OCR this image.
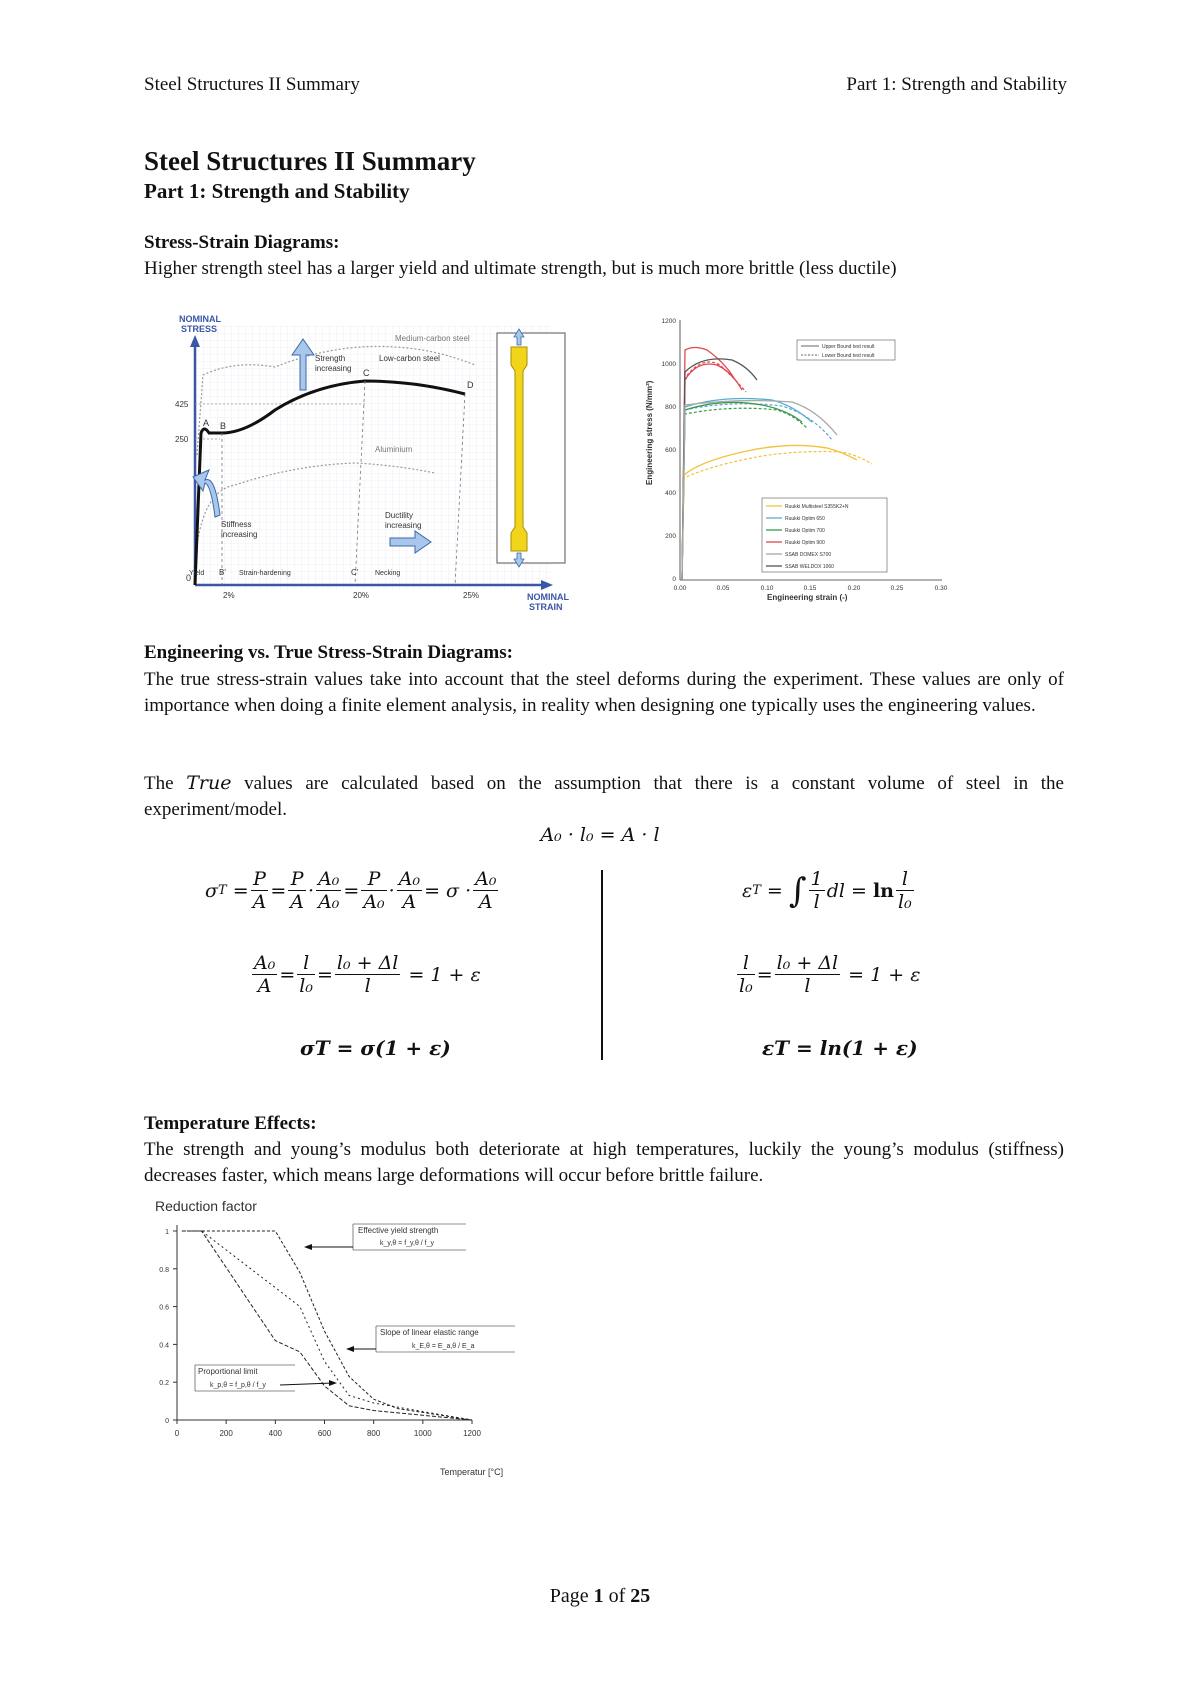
Steel Structures II Summary	Part 1: Strength and Stability
Steel Structures II Summary
Part 1: Strength and Stability
Stress-Strain Diagrams:
Higher strength steel has a larger yield and ultimate strength, but is much more brittle (less ductile)
NOMINAL
STRESS
NOMINAL
STRAIN
425
250
0
2%	20%	25%
Medium-carbon steel
Aluminium
Low-carbon steel
A B
C
D
Yield B' Strain-hardening	C' Necking
Strength
increasing
Stiffness
increasing
Ductility
increasing
Engineering stress (N/mm²)
Engineering strain (-)
1200
1000
800
600
400
200
0
0.00	0.05	0.10	0.15	0.20	0.25	0.30
Upper Bound test result
Lower Bound test result
Ruukki Multisteel S355K2+N
Ruukki Optim 650
Ruukki Optim 700
Ruukki Optim 900
SSAB DOMEX S700
SSAB WELDOX 1060
Engineering vs. True Stress-Strain Diagrams:
The true stress-strain values take into account that the steel deforms during the experiment. These values are only of importance when doing a finite element analysis, in reality when designing one typically uses the engineering values.
The True values are calculated based on the assumption that there is a constant volume of steel in the experiment/model.
A₀ · l₀ = A · l
σ T
= $\frac{P}{A} = \frac{P}{A} \cdot \frac{\text{A₀}}{\text{A₀}} = \frac{P}{\text{A₀}} \cdot \frac{\text{A₀}}{A}$ =
σ
· $\frac{\text{A₀}}{A}$
$\frac{\text{A₀}}{A} = \frac{l}{\text{l₀}} = \frac{\text{l₀ + Δl}}{l}$
= 1 + ε
σT = σ(1 + ε)
ε T
=
∫ $\frac{1}{l}$ dl
=
$\ln \frac{l}{\text{l₀}}$
$\frac{l}{\text{l₀}} = \frac{\text{l₀ + Δl}}{l}$
= 1 + ε
εT = ln(1 + ε)
Temperature Effects:
The strength and young’s modulus both deteriorate at high temperatures, luckily the young’s modulus (stiffness) decreases faster, which means large deformations will occur before brittle failure.
Reduction factor
0
0.2
0.4
0.6
0.8
1
0	200	400	600	800	1000	1200
Temperatur [°C]
Effective yield strength
k_y,θ = f_y,θ / f_y
Slope of linear elastic range
k_E,θ = E_a,θ / E_a
Proportional limit
k_p,θ = f_p,θ / f_y
Page 1 of 25
